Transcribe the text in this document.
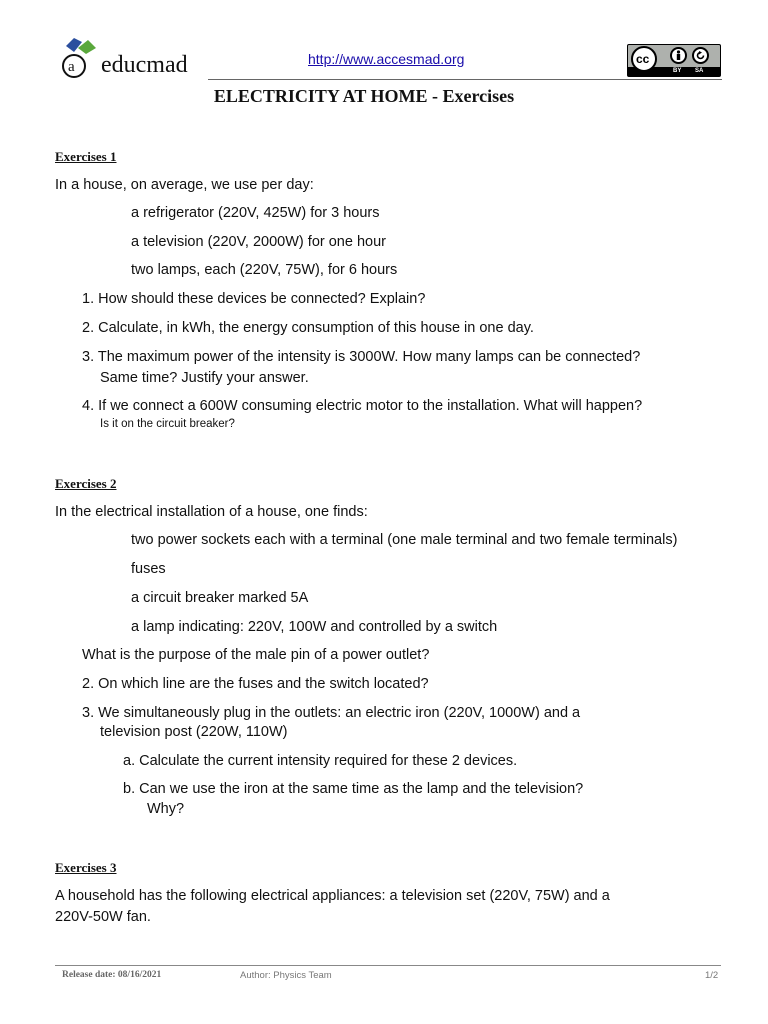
a educmad	http://www.accesmad.org	cc
BY SA
ELECTRICITY AT HOME - Exercises
Exercises 1
In a house, on average, we use per day:
a refrigerator (220V, 425W) for 3 hours
a television (220V, 2000W) for one hour
two lamps, each (220V, 75W), for 6 hours
1. How should these devices be connected? Explain?
2. Calculate, in kWh, the energy consumption of this house in one day.
3. The maximum power of the intensity is 3000W. How many lamps can be connected?
Same time? Justify your answer.
4. If we connect a 600W consuming electric motor to the installation. What will happen?
Is it on the circuit breaker?
Exercises 2
In the electrical installation of a house, one finds:
two power sockets each with a terminal (one male terminal and two female terminals)
fuses
a circuit breaker marked 5A
a lamp indicating: 220V, 100W and controlled by a switch
What is the purpose of the male pin of a power outlet?
2. On which line are the fuses and the switch located?
3. We simultaneously plug in the outlets: an electric iron (220V, 1000W) and a
television post (220W, 110W)
a. Calculate the current intensity required for these 2 devices.
b. Can we use the iron at the same time as the lamp and the television?
Why?
Exercises 3
A household has the following electrical appliances: a television set (220V, 75W) and a
220V-50W fan.
Release date: 08/16/2021	Author: Physics Team	1/2
